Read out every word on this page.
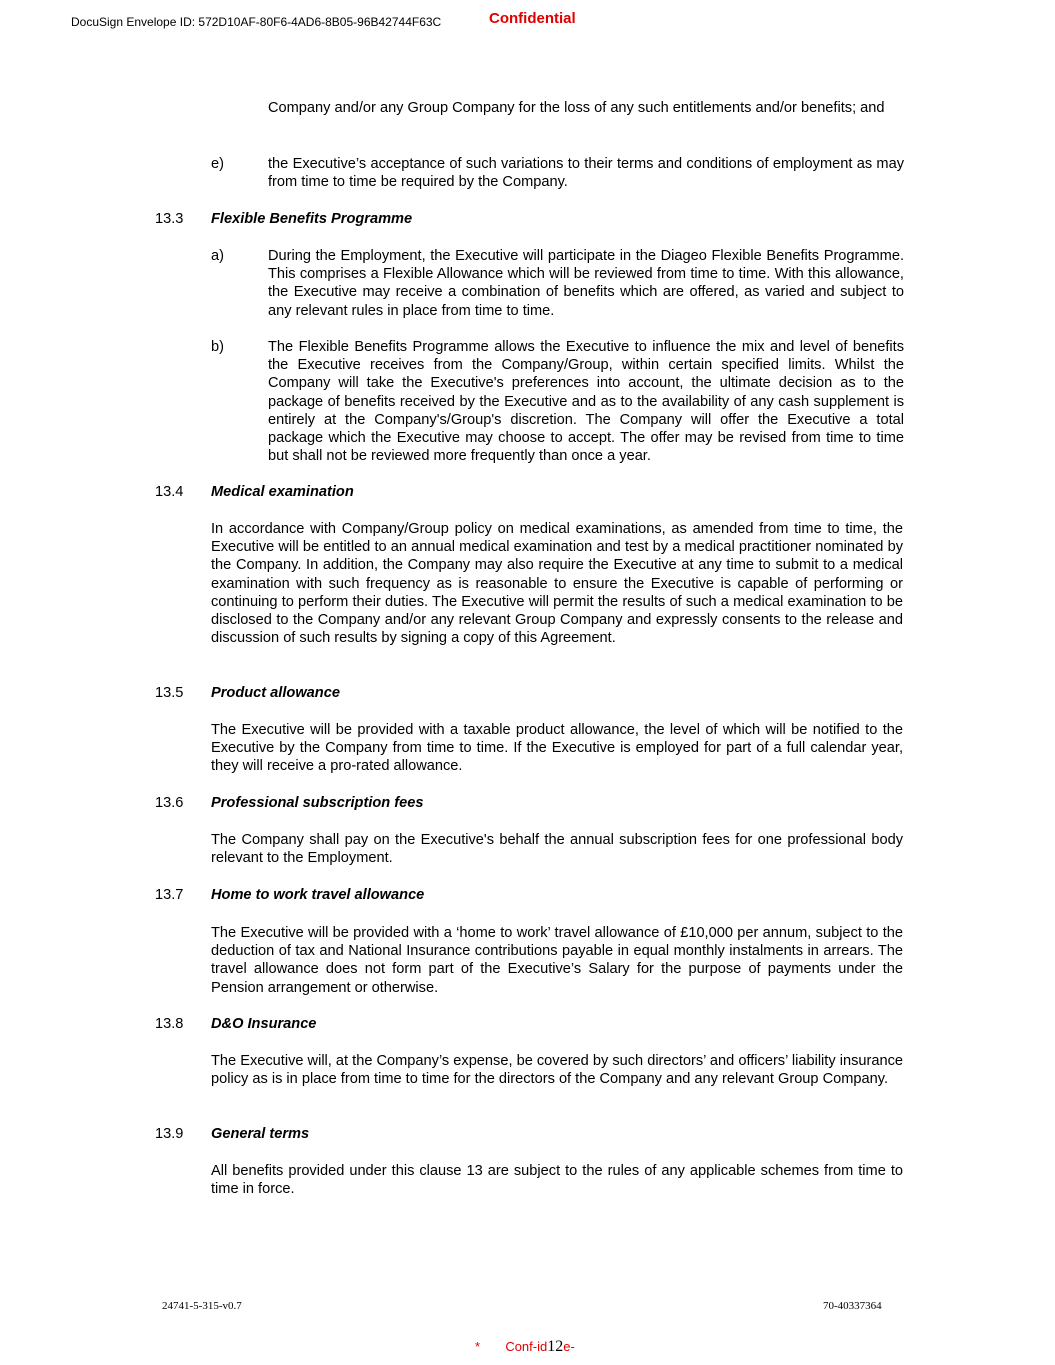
DocuSign Envelope ID: 572D10AF-80F6-4AD6-8B05-96B42744F63C	Confidential
Company and/or any Group Company for the loss of any such entitlements and/or benefits; and
e)	the Executive’s acceptance of such variations to their terms and conditions of employment as may from time to time be required by the Company.
13.3 Flexible Benefits Programme
a)	During the Employment, the Executive will participate in the Diageo Flexible Benefits Programme. This comprises a Flexible Allowance which will be reviewed from time to time. With this allowance, the Executive may receive a combination of benefits which are offered, as varied and subject to any relevant rules in place from time to time.
b)	The Flexible Benefits Programme allows the Executive to influence the mix and level of benefits the Executive receives from the Company/Group, within certain specified limits. Whilst the Company will take the Executive's preferences into account, the ultimate decision as to the package of benefits received by the Executive and as to the availability of any cash supplement is entirely at the Company's/Group's discretion. The Company will offer the Executive a total package which the Executive may choose to accept. The offer may be revised from time to time but shall not be reviewed more frequently than once a year.
13.4 Medical examination
In accordance with Company/Group policy on medical examinations, as amended from time to time, the Executive will be entitled to an annual medical examination and test by a medical practitioner nominated by the Company. In addition, the Company may also require the Executive at any time to submit to a medical examination with such frequency as is reasonable to ensure the Executive is capable of performing or continuing to perform their duties. The Executive will permit the results of such a medical examination to be disclosed to the Company and/or any relevant Group Company and expressly consents to the release and discussion of such results by signing a copy of this Agreement.
13.5 Product allowance
The Executive will be provided with a taxable product allowance, the level of which will be notified to the Executive by the Company from time to time. If the Executive is employed for part of a full calendar year, they will receive a pro-rated allowance.
13.6 Professional subscription fees
The Company shall pay on the Executive's behalf the annual subscription fees for one professional body relevant to the Employment.
13.7 Home to work travel allowance
The Executive will be provided with a ‘home to work’ travel allowance of £10,000 per annum, subject to the deduction of tax and National Insurance contributions payable in equal monthly instalments in arrears. The travel allowance does not form part of the Executive’s Salary for the purpose of payments under the Pension arrangement or otherwise.
13.8 D&O Insurance
The Executive will, at the Company’s expense, be covered by such directors’ and officers’ liability insurance policy as is in place from time to time for the directors of the Company and any relevant Group Company.
13.9 General terms
All benefits provided under this clause 13 are subject to the rules of any applicable schemes from time to time in force.
24741-5-315-v0.7	70-40337364
* Conf-id12e-
